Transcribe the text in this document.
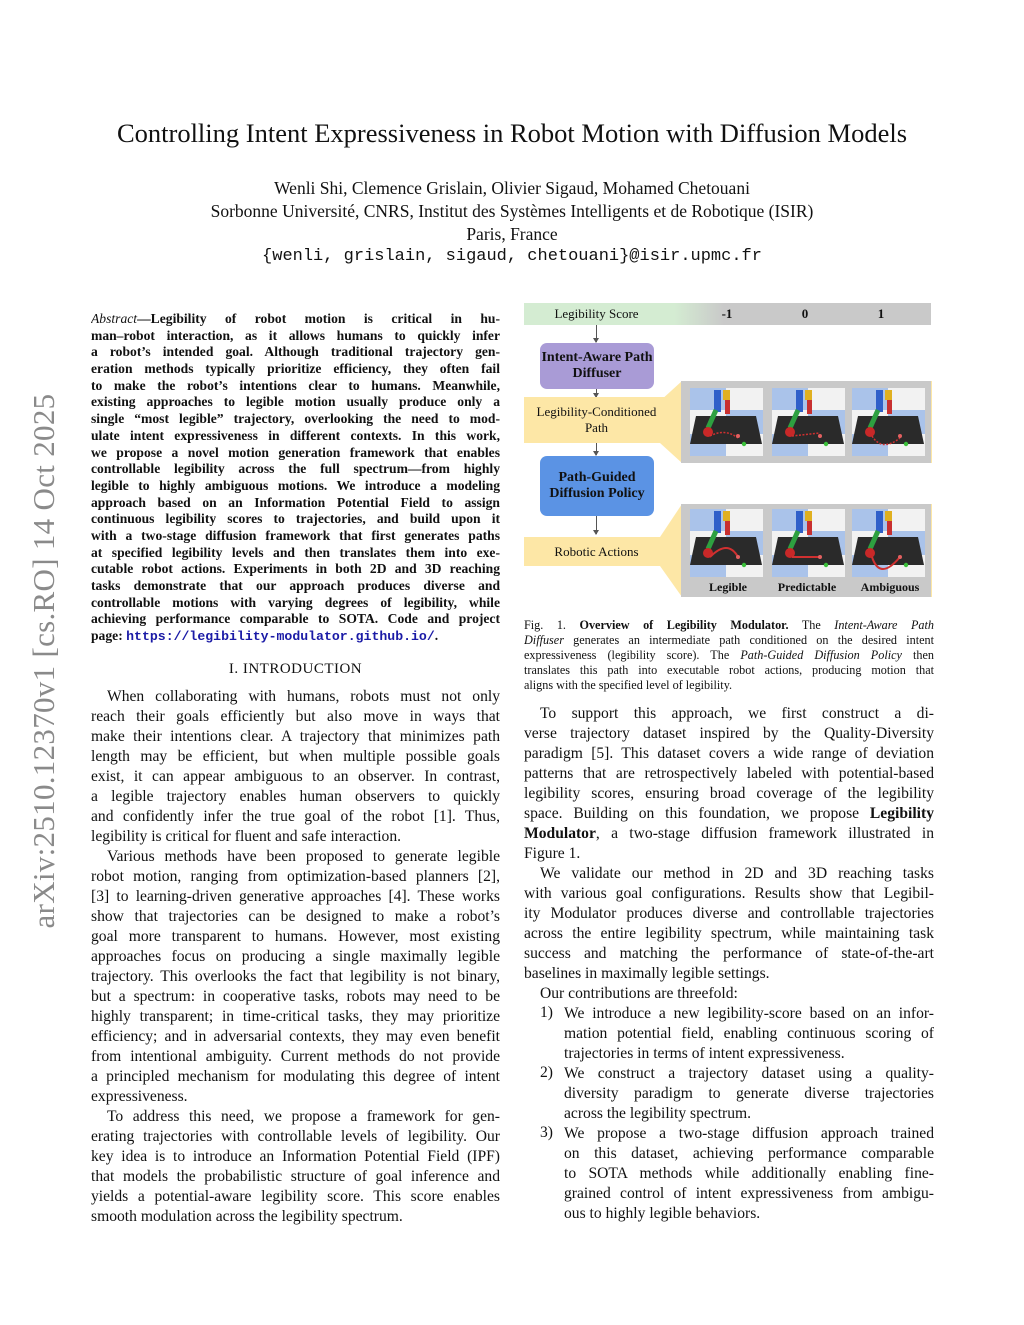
arXiv:2510.12370v1 [cs.RO] 14 Oct 2025
Controlling Intent Expressiveness in Robot Motion with Diffusion Models
Wenli Shi, Clemence Grislain, Olivier Sigaud, Mohamed Chetouani
Sorbonne Université, CNRS, Institut des Systèmes Intelligents et de Robotique (ISIR)
Paris, France
{wenli, grislain, sigaud, chetouani}@isir.upmc.fr
Abstract—Legibility of robot motion is critical in hu-
man–robot interaction, as it allows humans to quickly infer
a robot’s intended goal. Although traditional trajectory gen-
eration methods typically prioritize efficiency, they often fail
to make the robot’s intentions clear to humans. Meanwhile,
existing approaches to legible motion usually produce only a
single “most legible” trajectory, overlooking the need to mod-
ulate intent expressiveness in different contexts. In this work,
we propose a novel motion generation framework that enables
controllable legibility across the full spectrum—from highly
legible to highly ambiguous motions. We introduce a modeling
approach based on an Information Potential Field to assign
continuous legibility scores to trajectories, and build upon it
with a two-stage diffusion framework that first generates paths
at specified legibility levels and then translates them into exe-
cutable robot actions. Experiments in both 2D and 3D reaching
tasks demonstrate that our approach produces diverse and
controllable motions with varying degrees of legibility, while
achieving performance comparable to SOTA. Code and project
page: https://legibility-modulator.github.io/.
I. INTRODUCTION
When collaborating with humans, robots must not only
reach their goals efficiently but also move in ways that
make their intentions clear. A trajectory that minimizes path
length may be efficient, but when multiple possible goals
exist, it can appear ambiguous to an observer. In contrast,
a legible trajectory enables human observers to quickly
and confidently infer the true goal of the robot [1]. Thus,
legibility is critical for fluent and safe interaction.
Various methods have been proposed to generate legible
robot motion, ranging from optimization-based planners [2],
[3] to learning-driven generative approaches [4]. These works
show that trajectories can be designed to make a robot’s
goal more transparent to humans. However, most existing
approaches focus on producing a single maximally legible
trajectory. This overlooks the fact that legibility is not binary,
but a spectrum: in cooperative tasks, robots may need to be
highly transparent; in time-critical tasks, they may prioritize
efficiency; and in adversarial contexts, they may even benefit
from intentional ambiguity. Current methods do not provide
a principled mechanism for modulating this degree of intent
expressiveness.
To address this need, we propose a framework for gen-
erating trajectories with controllable levels of legibility. Our
key idea is to introduce an Information Potential Field (IPF)
that models the probabilistic structure of goal inference and
yields a potential-aware legibility score. This score enables
smooth modulation across the legibility spectrum.
To support this approach, we first construct a di-
verse trajectory dataset inspired by the Quality-Diversity
paradigm [5]. This dataset covers a wide range of deviation
patterns that are retrospectively labeled with potential-based
legibility scores, ensuring broad coverage of the legibility
space. Building on this foundation, we propose Legibility
Modulator, a two-stage diffusion framework illustrated in
Figure 1.
We validate our method in 2D and 3D reaching tasks
with various goal configurations. Results show that Legibil-
ity Modulator produces diverse and controllable trajectories
across the entire legibility spectrum, while maintaining task
success and matching the performance of state-of-the-art
baselines in maximally legible settings.
Our contributions are threefold:
1) We introduce a new legibility-score based on an infor-
mation potential field, enabling continuous scoring of
trajectories in terms of intent expressiveness.
2) We construct a trajectory dataset using a quality-
diversity paradigm to generate diverse trajectories
across the legibility spectrum.
3) We propose a two-stage diffusion approach trained
on this dataset, achieving performance comparable
to SOTA methods while additionally enabling fine-
grained control of intent expressiveness from ambigu-
ous to highly legible behaviors.
Legibility Score	-1	0	1
Intent-Aware Path Diffuser
Legibility-Conditioned Path
Path-Guided Diffusion Policy
Robotic Actions
Legible	Predictable	Ambiguous
Fig. 1. Overview of Legibility Modulator. The Intent-Aware Path
Diffuser generates an intermediate path conditioned on the desired intent
expressiveness (legibility score). The Path-Guided Diffusion Policy then
translates this path into executable robot actions, producing motion that
aligns with the specified level of legibility.
